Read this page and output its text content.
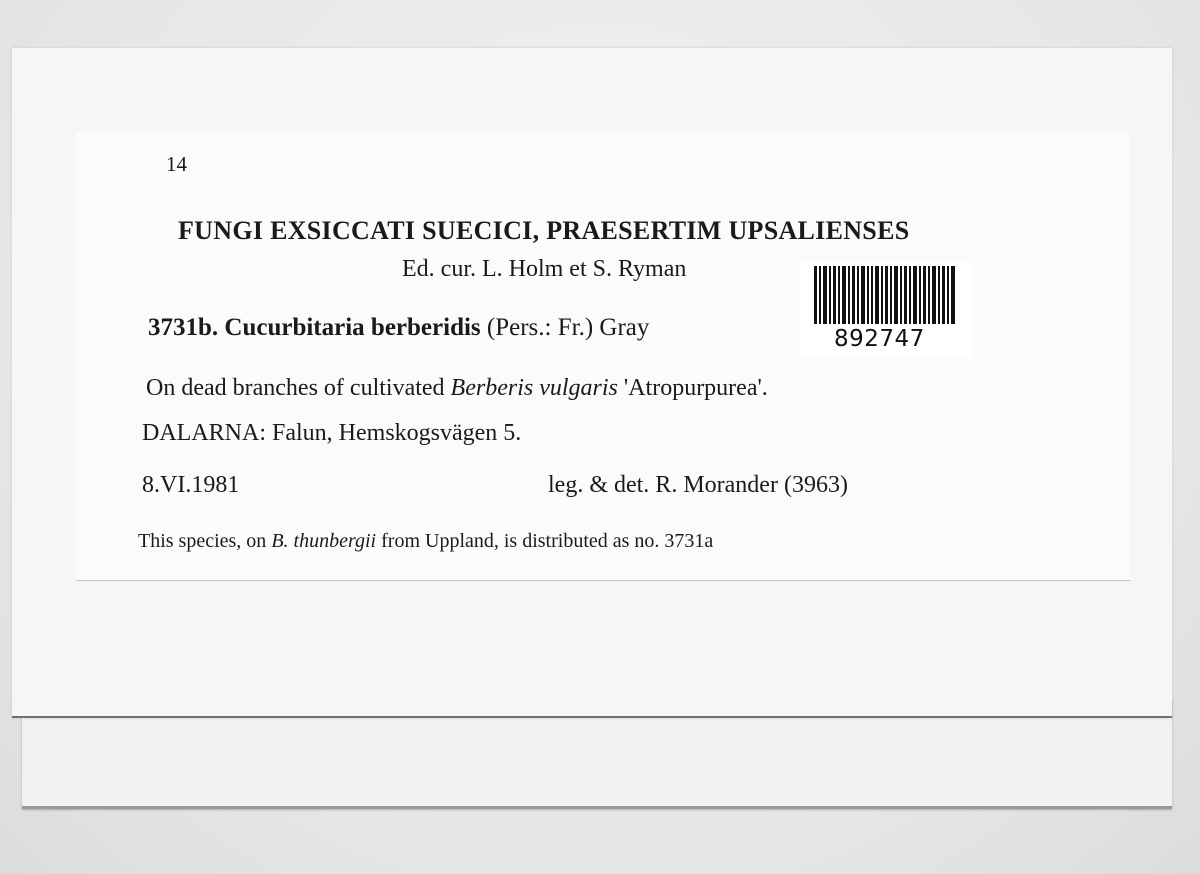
14
FUNGI EXSICCATI SUECICI, PRAESERTIM UPSALIENSES
Ed. cur. L. Holm et S. Ryman
3731b. Cucurbitaria berberidis (Pers.: Fr.) Gray
On dead branches of cultivated Berberis vulgaris 'Atropurpurea'.
DALARNA: Falun, Hemskogsvägen 5.
8.VI.1981	leg. & det. R. Morander (3963)
This species, on B. thunbergii from Uppland, is distributed as no. 3731a
892747
